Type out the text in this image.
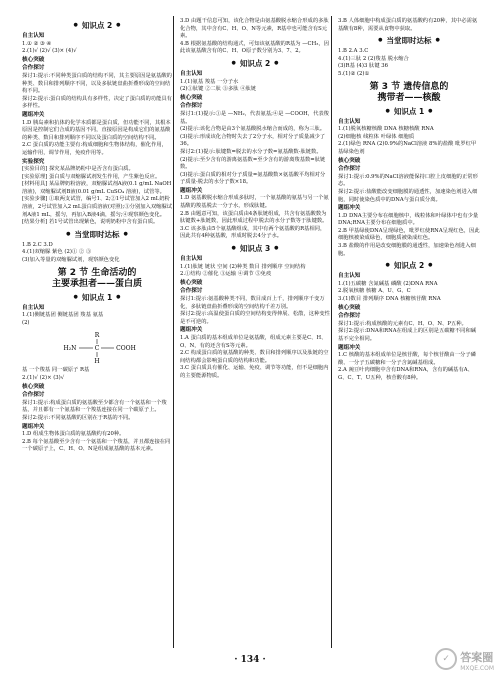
● 知识点 2 ●
自主认知
1.① ② ③ ④
2.(1)√ (2)√ (3)× (4)√
核心突破
合作探讨
探讨1:提示:不同种类蛋白质的结构不同，其主要原因是氨基酸的种类、数目和排列顺序不同，以及多肽链盘曲折叠形成的空间结构不同。
探讨2:提示:蛋白质的结构具有多样性，决定了蛋白质的功能具有多样性。
题组冲关
1.D 胰岛素和抗体的化学本质都是蛋白质，但功能不同，其根本原因是控制它们合成的基因不同，直接原因是构成它们的氨基酸的种类、数目和排列顺序不同以及蛋白质的空间结构不同。
2.C 蛋白质的功能主要有:构成细胞和生物体结构，催化作用，运输作用，调节作用，免疫作用等。
实验探究
[实验目的] 探究某品牌奶粉中是否含有蛋白质。
[实验原理] 蛋白质与双缩脲试剂发生作用，产生紫色反应。
[材料用具] 某品牌奶粉溶液，双缩脲试剂A液(0.1 g/mL NaOH 溶液)，双缩脲试剂B液(0.01 g/mL CuSO₄ 溶液)，试管等。
[实验步骤] ①取两支试管，编号1、2;②1号试管加入2 mL奶粉溶液，2号试管加入2 mL蛋白质溶液(对照);③分别加入双缩脲试剂A液1 mL，摇匀，再加入B液4滴，摇匀;④观察颜色变化。
[结果分析] 若1号试管出现紫色，说明奶粉中含有蛋白质。
● 当堂即时达标 ●
1.B 2.C 3.D
4.(1)双缩脲 紫色 (2)① ② ③
(3)加入等量的双缩脲试剂，观察颜色变化
第 2 节 生命活动的
主要承担者——蛋白质
● 知识点 1 ●
自主认知
1.(1)侧链基团 侧链基团 羧基 氨基
(2)
R
H₂N	C	COOH
H
基 一个羧基 同一碳原子 R基
2.(1)√ (2)× (3)√
核心突破
合作探讨
探讨1:提示:构成蛋白质的氨基酸至少都含有一个氨基和一个羧基，并且都有一个氨基和一个羧基连接在同一个碳原子上。
探讨2:提示:不同氨基酸的区别在于R基的不同。
题组冲关
1.D 组成生物体蛋白质的氨基酸约有20种。
2.B 每个氨基酸至少含有一个氨基和一个羧基，并且都连接在同一个碳原子上，C、H、O、N是组成氨基酸的基本元素。
3.D 由题干信息可知，该化合物是由氨基酸脱水缩合形成的多肽化合物，其中含有C、H、O、N等元素，R基中也可能含有S元素。
4.B 根据氨基酸的结构通式，可知该氨基酸的R基为 —CH₃，因此该氨基酸含有的C、H、O原子数分别为3、7、2。
● 知识点 2 ●
自主认知
1.(1)氨基 羧基 一分子水
(2)①肽键 ②二肽 ③多肽 ④肽链
核心突破
合作探讨
探讨1:(1)提示:①是 —NH₂，代表氨基;④是 —COOH，代表羧基。
(2)提示:该化合物是由3个氨基酸脱水缩合而成的，称为三肽。
(3)提示:形成该化合物时失去了2分子水，相对分子质量减少了36。
探讨2:(1)提示:肽键数=脱去的水分子数=氨基酸数-肽链数。
(2)提示:至少含有的游离氨基数=至少含有的游离羧基数=肽链数。
(3)提示:蛋白质的相对分子质量=氨基酸数×氨基酸平均相对分子质量-脱去的水分子数×18。
题组冲关
1.D 氨基酸脱水缩合形成多肽时，一个氨基酸的氨基与另一个氨基酸的羧基脱去一分子水，形成肽键。
2.B 由题意可知，该蛋白质由4条肽链组成，共含有氨基酸数为肽键数+肽链数，因此形成过程中脱去的水分子数等于肽键数。
3.C 该多肽由5个氨基酸组成，其中有两个氨基酸的R基相同，因此共有4种氨基酸，形成时脱去4分子水。
● 知识点 3 ●
自主认知
1.(1)肽链 链状 空间 (2)种类 数目 排列顺序 空间结构
2.①结构 ②催化 ③运输 ④调节 ⑤免疫
核心突破
合作探讨
探讨1:提示:氨基酸种类不同，数目成百上千，排列顺序千变万化，多肽链盘曲折叠形成的空间结构千差万别。
探讨2:提示:高温使蛋白质的空间结构变得伸展、松散，这种变性是不可逆的。
题组冲关
1.A 蛋白质的基本组成单位是氨基酸，组成元素主要是C、H、O、N，有的还含有S等元素。
2.C 构成蛋白质的氨基酸的种类、数目和排列顺序以及肽链的空间结构都会影响蛋白质的结构和功能。
3.C 蛋白质具有催化、运输、免疫、调节等功能，但不是细胞内的主要能源物质。
3.B 人体细胞中构成蛋白质的氨基酸约有20种，其中必需氨基酸有8种，需要从食物中获取。
● 当堂即时达标 ●
1.B 2.A 3.C
4.(1)三肽 2 (2)羧基 脱水缩合
(3)R基 (4)3 肽键 36
5.(1)② (2)①
第 3 节 遗传信息的
携带者——核酸
● 知识点 1 ●
自主认知
1.(1)脱氧核糖核酸 DNA 核糖核酸 RNA
(2)细胞核 线粒体 叶绿体 细胞质
2.(1)绿色 RNA (2)0.9%的NaCl溶液 8%的盐酸 吡罗红甲基绿染色剂
核心突破
合作探讨
探讨1:提示:0.9%的NaCl溶液能保持口腔上皮细胞的正常形态。
探讨2:提示:盐酸能改变细胞膜的通透性，加速染色剂进入细胞，同时使染色质中的DNA与蛋白质分离。
题组冲关
1.D DNA主要分布在细胞核中，线粒体和叶绿体中也有少量DNA;RNA主要分布在细胞质中。
2.B 甲基绿使DNA呈现绿色，吡罗红使RNA呈现红色，因此细胞核被染成绿色，细胞质被染成红色。
3.B 盐酸的作用是改变细胞膜的通透性，加速染色剂进入细胞。
● 知识点 2 ●
自主认知
1.(1)五碳糖 含氮碱基 磷酸 (2)DNA RNA
2.脱氧核糖 核糖 A、U、G、C
3.(1)数目 排列顺序 DNA 核糖核苷酸 RNA
核心突破
合作探讨
探讨1:提示:构成核酸的元素有C、H、O、N、P五种。
探讨2:提示:DNA和RNA在组成上的区别是五碳糖不同和碱基不完全相同。
题组冲关
1.C 核酸的基本组成单位是核苷酸，每个核苷酸由一分子磷酸、一分子五碳糖和一分子含氮碱基组成。
2.A 豌豆叶肉细胞中含有DNA和RNA，含有的碱基有A、G、C、T、U五种，核苷酸有8种。
· 134 ·	✓ 答案圈
MXQE.COM
